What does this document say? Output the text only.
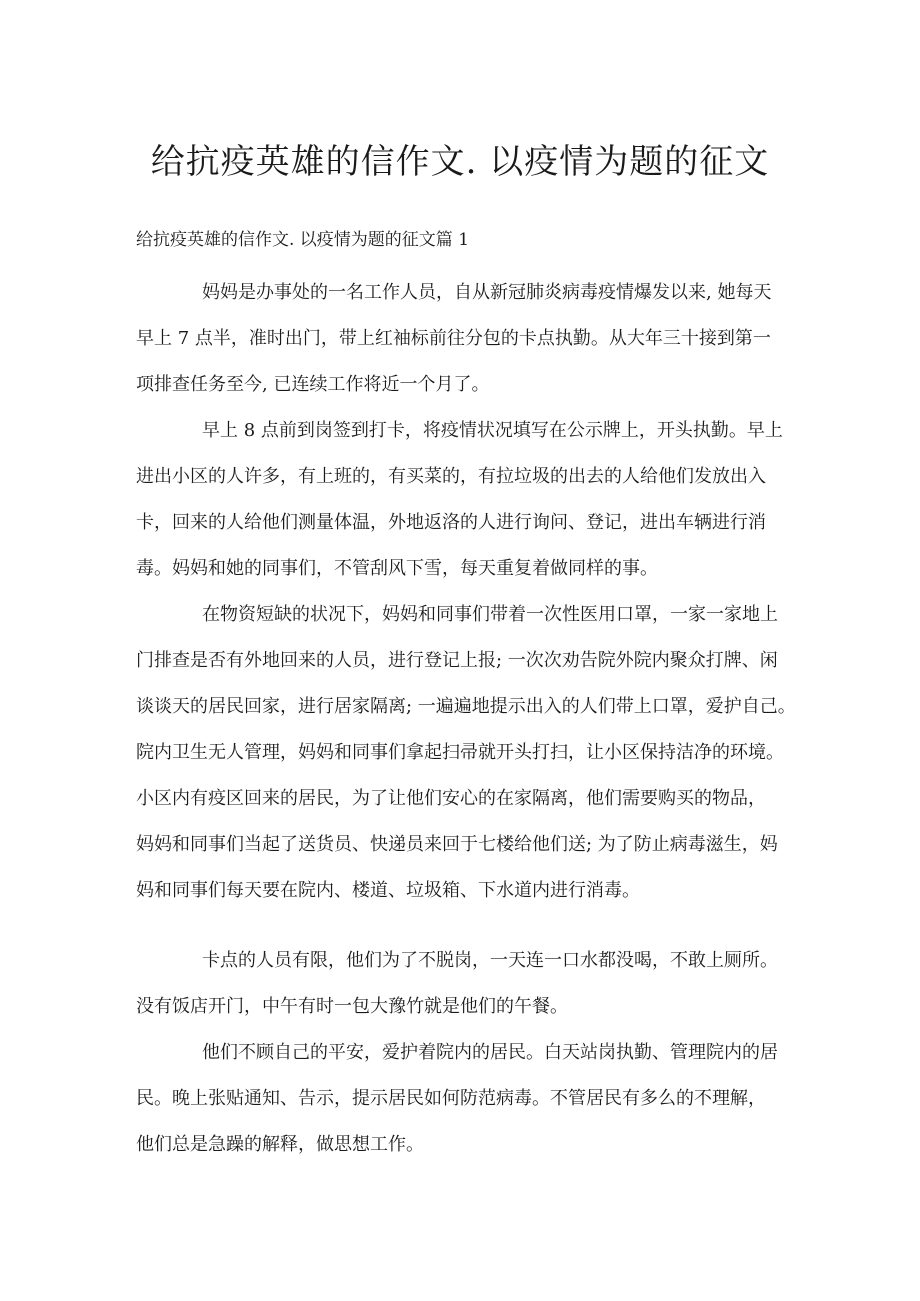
给抗疫英雄的信作文. 以疫情为题的征文
给抗疫英雄的信作文. 以疫情为题的征文篇 1
妈妈是办事处的一名工作人员，自从新冠肺炎病毒疫情爆发以来, 她每天
早上 7 点半，准时出门，带上红袖标前往分包的卡点执勤。从大年三十接到第一
项排查任务至今, 已连续工作将近一个月了。
早上 8 点前到岗签到打卡，将疫情状况填写在公示牌上，开头执勤。早上
进出小区的人许多，有上班的，有买菜的，有拉垃圾的出去的人给他们发放出入
卡，回来的人给他们测量体温，外地返洛的人进行询问、登记，进出车辆进行消
毒。妈妈和她的同事们，不管刮风下雪，每天重复着做同样的事。
在物资短缺的状况下，妈妈和同事们带着一次性医用口罩，一家一家地上
门排查是否有外地回来的人员，进行登记上报; 一次次劝告院外院内聚众打牌、闲
谈谈天的居民回家，进行居家隔离; 一遍遍地提示出入的人们带上口罩，爱护自己。
院内卫生无人管理，妈妈和同事们拿起扫帚就开头打扫，让小区保持洁净的环境。
小区内有疫区回来的居民，为了让他们安心的在家隔离，他们需要购买的物品，
妈妈和同事们当起了送货员、快递员来回于七楼给他们送; 为了防止病毒滋生，妈
妈和同事们每天要在院内、楼道、垃圾箱、下水道内进行消毒。
卡点的人员有限，他们为了不脱岗，一天连一口水都没喝，不敢上厕所。
没有饭店开门，中午有时一包大豫竹就是他们的午餐。
他们不顾自己的平安，爱护着院内的居民。白天站岗执勤、管理院内的居
民。晚上张贴通知、告示，提示居民如何防范病毒。不管居民有多么的不理解，
他们总是急躁的解释，做思想工作。
